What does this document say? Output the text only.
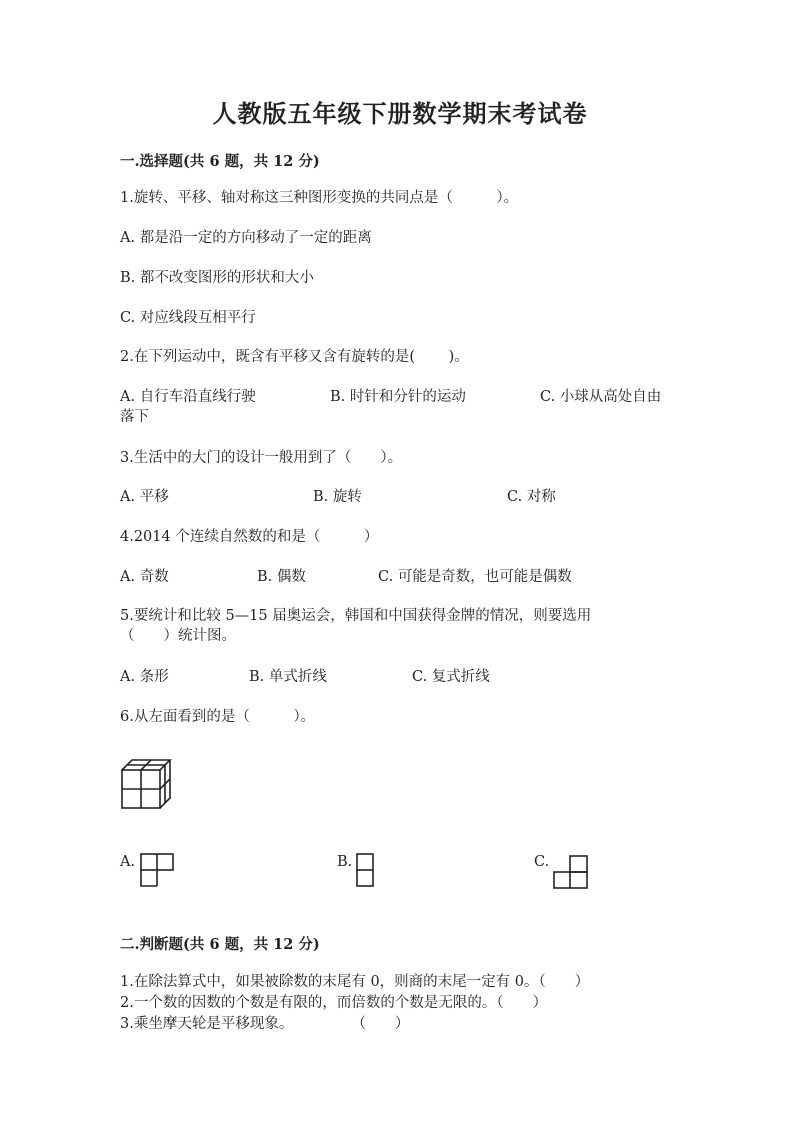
人教版五年级下册数学期末考试卷
一.选择题(共 6 题，共 12 分)
1.旋转、平移、轴对称这三种图形变换的共同点是（　　　）。
A. 都是沿一定的方向移动了一定的距离
B. 都不改变图形的形状和大小
C. 对应线段互相平行
2.在下列运动中，既含有平移又含有旋转的是(　　 )。
A. 自行车沿直线行驶	B. 时针和分针的运动	C. 小球从高处自由
落下
3.生活中的大门的设计一般用到了（　　）。
A. 平移	B. 旋转	C. 对称
4.2014 个连续自然数的和是（　　　）
A. 奇数	B. 偶数	C. 可能是奇数，也可能是偶数
5.要统计和比较 5—15 届奥运会，韩国和中国获得金牌的情况，则要选用
（　　）统计图。
A. 条形	B. 单式折线	C. 复式折线
6.从左面看到的是（　　　）。
A.	B.	C.
二.判断题(共 6 题，共 12 分)
1.在除法算式中，如果被除数的末尾有 0，则商的末尾一定有 0。（　　）
2.一个数的因数的个数是有限的，而倍数的个数是无限的。（　　）
3.乘坐摩天轮是平移现象。　　　　　（　　）
